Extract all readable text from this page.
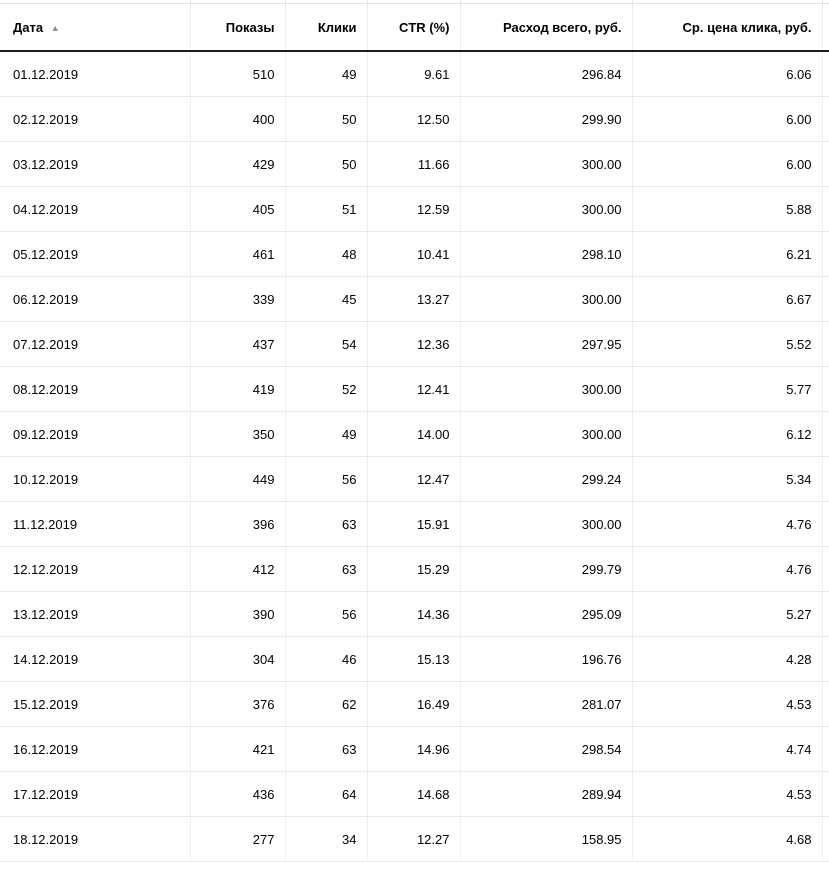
Дата ▲	Показы	Клики	CTR (%)	Расход всего, руб.	Ср. цена клика, руб.	
01.12.2019	510	49	9.61	296.84	6.06	
02.12.2019	400	50	12.50	299.90	6.00	
03.12.2019	429	50	11.66	300.00	6.00	
04.12.2019	405	51	12.59	300.00	5.88	
05.12.2019	461	48	10.41	298.10	6.21	
06.12.2019	339	45	13.27	300.00	6.67	
07.12.2019	437	54	12.36	297.95	5.52	
08.12.2019	419	52	12.41	300.00	5.77	
09.12.2019	350	49	14.00	300.00	6.12	
10.12.2019	449	56	12.47	299.24	5.34	
11.12.2019	396	63	15.91	300.00	4.76	
12.12.2019	412	63	15.29	299.79	4.76	
13.12.2019	390	56	14.36	295.09	5.27	
14.12.2019	304	46	15.13	196.76	4.28	
15.12.2019	376	62	16.49	281.07	4.53	
16.12.2019	421	63	14.96	298.54	4.74	
17.12.2019	436	64	14.68	289.94	4.53	
18.12.2019	277	34	12.27	158.95	4.68	
